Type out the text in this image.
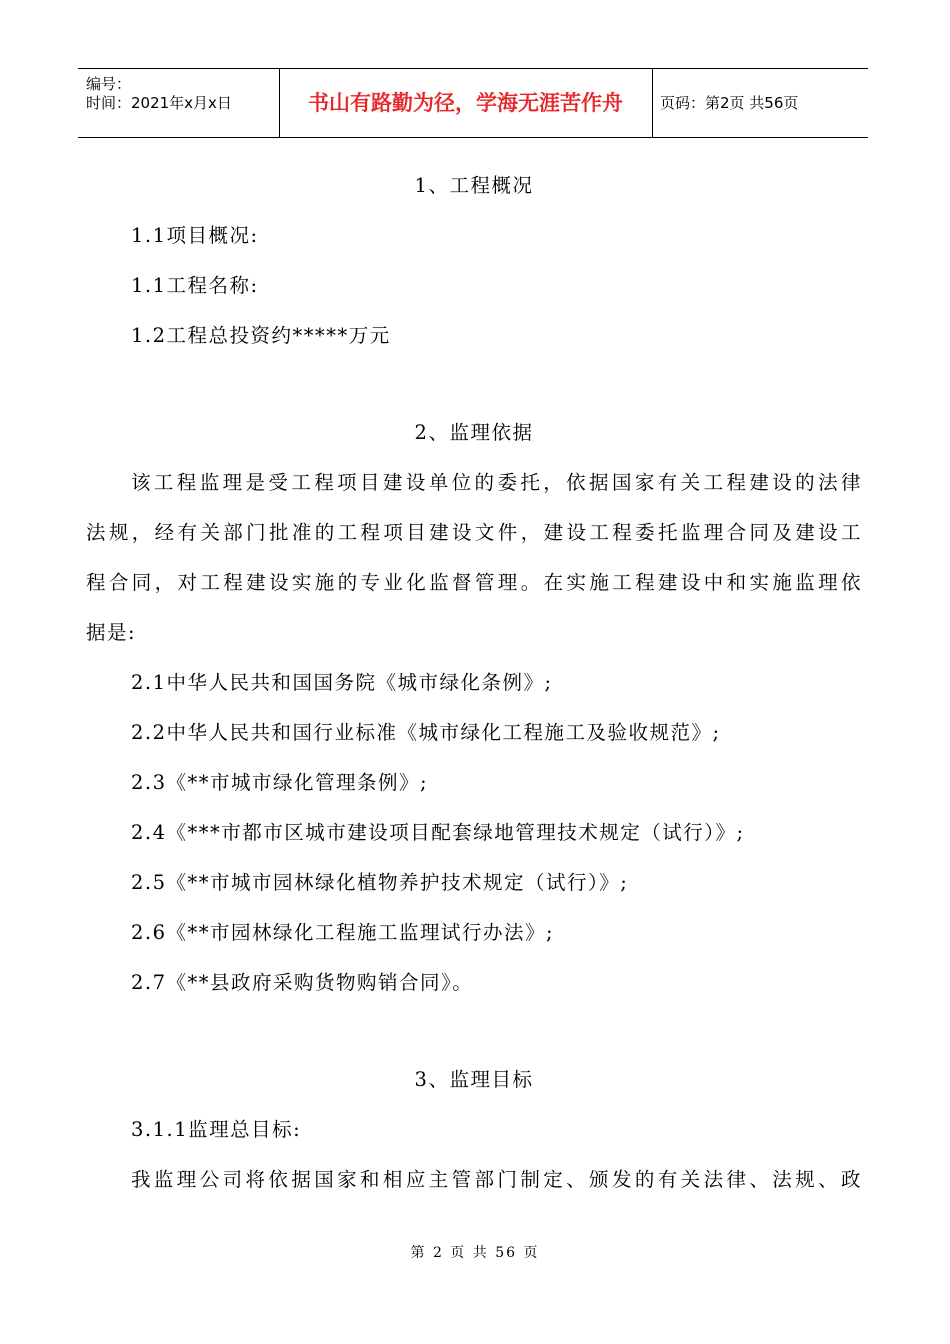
编号：
时间：2021年x月x日	书山有路勤为径，学海无涯苦作舟	页码：第2页 共56页
1、工程概况
1.1项目概况:
1.1工程名称:
1.2工程总投资约*****万元
2、监理依据
该工程监理是受工程项目建设单位的委托，依据国家有关工程建设的法律
法规，经有关部门批准的工程项目建设文件，建设工程委托监理合同及建设工
程合同，对工程建设实施的专业化监督管理。在实施工程建设中和实施监理依
据是:
2.1中华人民共和国国务院《城市绿化条例》;
2.2中华人民共和国行业标准《城市绿化工程施工及验收规范》;
2.3《**市城市绿化管理条例》;
2.4《***市都市区城市建设项目配套绿地管理技术规定（试行）》;
2.5《**市城市园林绿化植物养护技术规定（试行）》;
2.6《**市园林绿化工程施工监理试行办法》;
2.7《**县政府采购货物购销合同》。
3、监理目标
3.1.1监理总目标:
我监理公司将依据国家和相应主管部门制定、颁发的有关法律、法规、政
第 2 页 共 56 页
